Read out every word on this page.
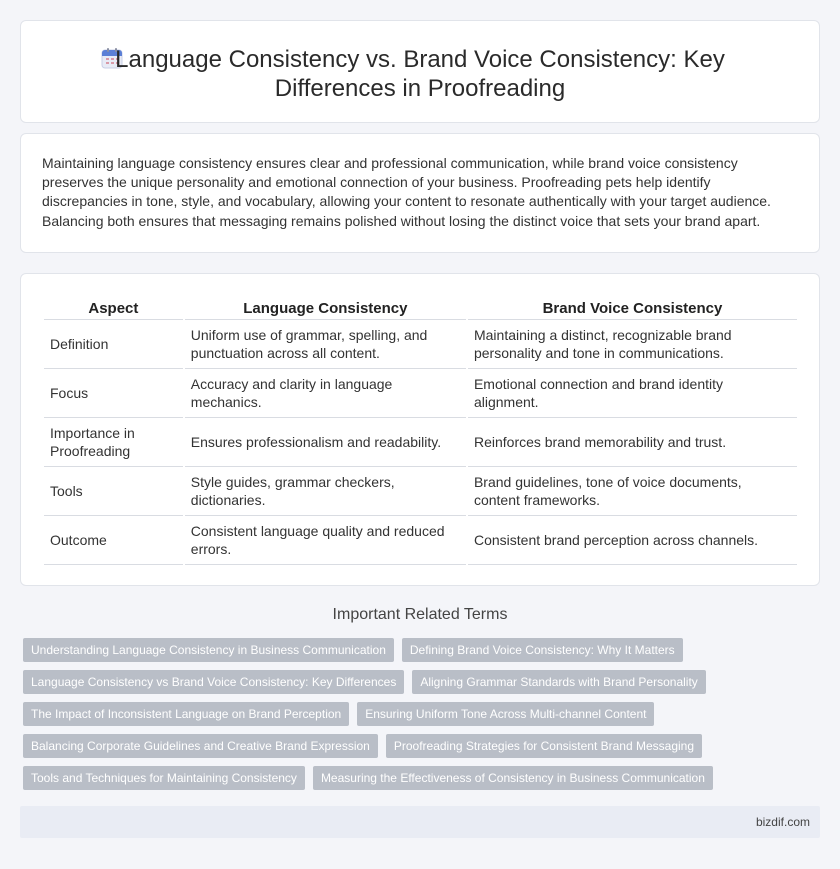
Language Consistency vs. Brand Voice Consistency: Key Differences in Proofreading

Maintaining language consistency ensures clear and professional communication, while brand voice consistency preserves the unique personality and emotional connection of your business. Proofreading pets help identify discrepancies in tone, style, and vocabulary, allowing your content to resonate authentically with your target audience. Balancing both ensures that messaging remains polished without losing the distinct voice that sets your brand apart.

Aspect	Language Consistency	Brand Voice Consistency
Definition	Uniform use of grammar, spelling, and punctuation across all content.	Maintaining a distinct, recognizable brand personality and tone in communications.
Focus	Accuracy and clarity in language mechanics.	Emotional connection and brand identity alignment.
Importance in Proofreading	Ensures professionalism and readability.	Reinforces brand memorability and trust.
Tools	Style guides, grammar checkers, dictionaries.	Brand guidelines, tone of voice documents, content frameworks.
Outcome	Consistent language quality and reduced errors.	Consistent brand perception across channels.
Important Related Terms
Understanding Language Consistency in Business Communication	Defining Brand Voice Consistency: Why It Matters
Language Consistency vs Brand Voice Consistency: Key Differences	Aligning Grammar Standards with Brand Personality
The Impact of Inconsistent Language on Brand Perception	Ensuring Uniform Tone Across Multi-channel Content
Balancing Corporate Guidelines and Creative Brand Expression	Proofreading Strategies for Consistent Brand Messaging
Tools and Techniques for Maintaining Consistency	Measuring the Effectiveness of Consistency in Business Communication
bizdif.com
